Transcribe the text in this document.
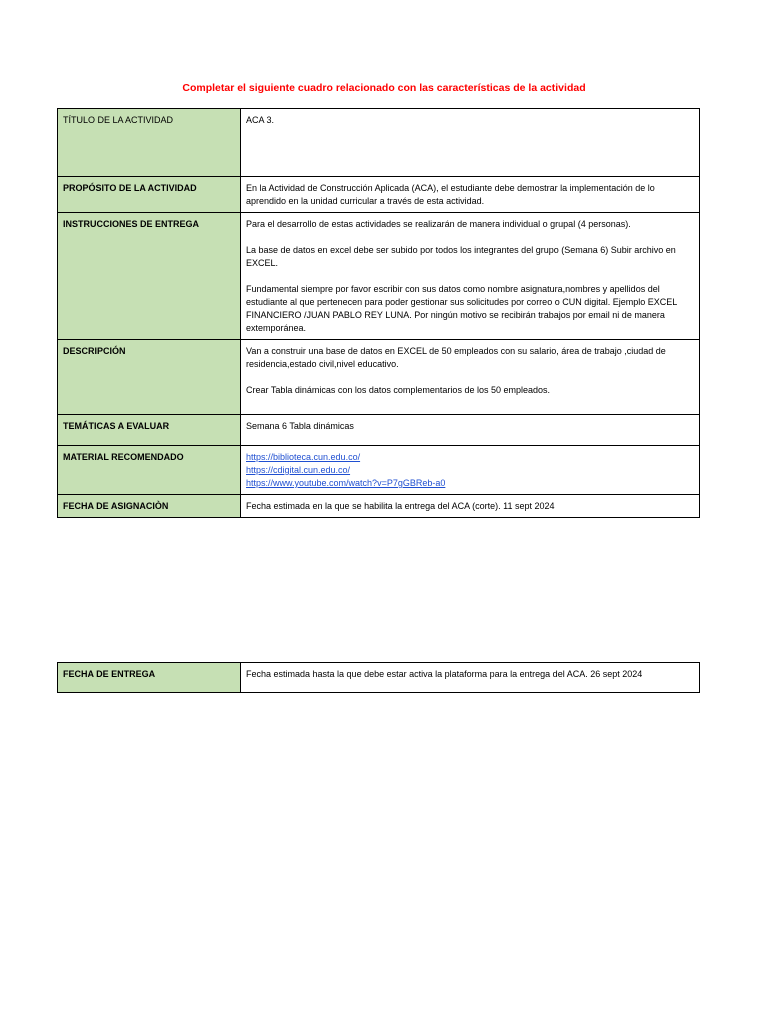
Completar el siguiente cuadro relacionado con las características de la actividad
TÍTULO DE LA ACTIVIDAD	ACA 3.

PROPÓSITO DE LA ACTIVIDAD	En la Actividad de Construcción Aplicada (ACA), el estudiante debe demostrar la implementación de lo aprendido en la unidad curricular a través de esta actividad.

INSTRUCCIONES DE ENTREGA	Para el desarrollo de estas actividades se realizarán de manera individual o grupal (4 personas).
La base de datos en excel debe ser subido por todos los integrantes del grupo (Semana 6) Subir archivo en EXCEL.
Fundamental siempre por favor escribir con sus datos como nombre asignatura,nombres y apellidos del estudiante al que pertenecen para poder gestionar sus solicitudes por correo o CUN digital. Ejemplo EXCEL FINANCIERO /JUAN PABLO REY LUNA. Por ningún motivo se recibirán trabajos por email ni de manera extemporánea.

DESCRIPCIÓN	Van a construir una base de datos en EXCEL de 50 empleados con su salario, área de trabajo ,ciudad de residencia,estado civil,nivel educativo.
Crear Tabla dinámicas con los datos complementarios de los 50 empleados.

TEMÁTICAS A EVALUAR	Semana 6 Tabla dinámicas

MATERIAL RECOMENDADO	https://biblioteca.cun.edu.co/
https://cdigital.cun.edu.co/
https://www.youtube.com/watch?v=P7gGBReb-a0

FECHA DE ASIGNACIÒN	Fecha estimada en la que se habilita la entrega del ACA (corte). 11 sept 2024
FECHA DE ENTREGA	Fecha estimada hasta la que debe estar activa la plataforma para la entrega del ACA. 26 sept 2024
